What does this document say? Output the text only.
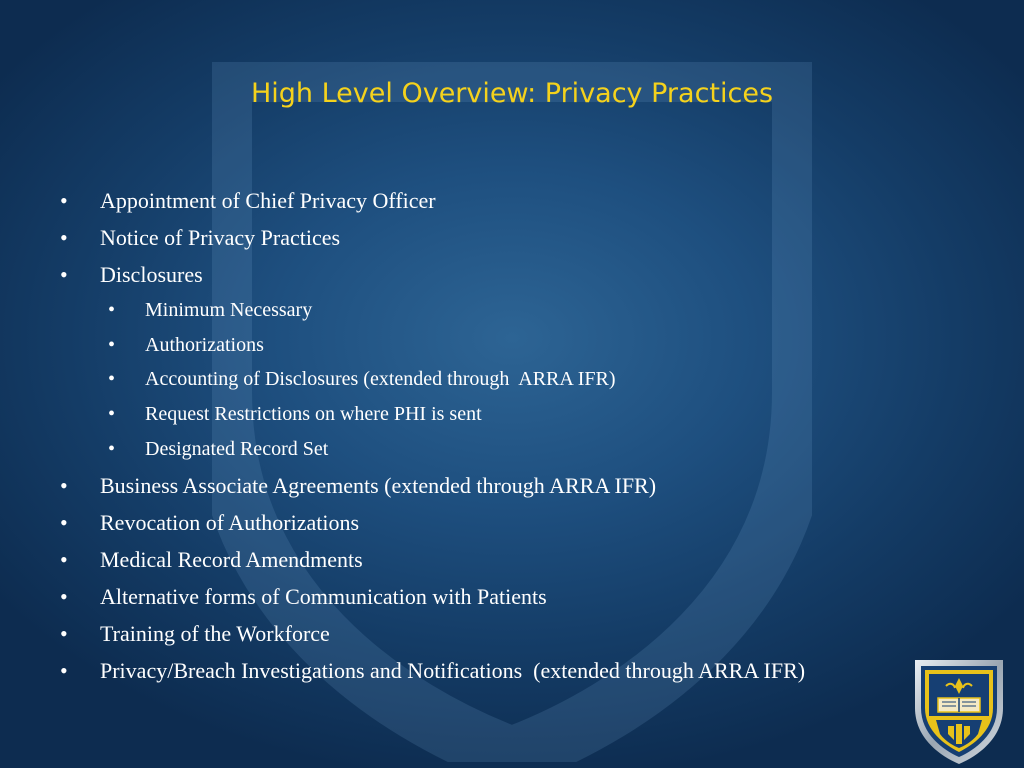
High Level Overview: Privacy Practices
• Appointment of Chief Privacy Officer
• Notice of Privacy Practices
• Disclosures
• Minimum Necessary
• Authorizations
• Accounting of Disclosures (extended through  ARRA IFR)
• Request Restrictions on where PHI is sent
• Designated Record Set
• Business Associate Agreements (extended through ARRA IFR)
• Revocation of Authorizations
• Medical Record Amendments
• Alternative forms of Communication with Patients
• Training of the Workforce
• Privacy/Breach Investigations and Notifications  (extended through ARRA IFR)
